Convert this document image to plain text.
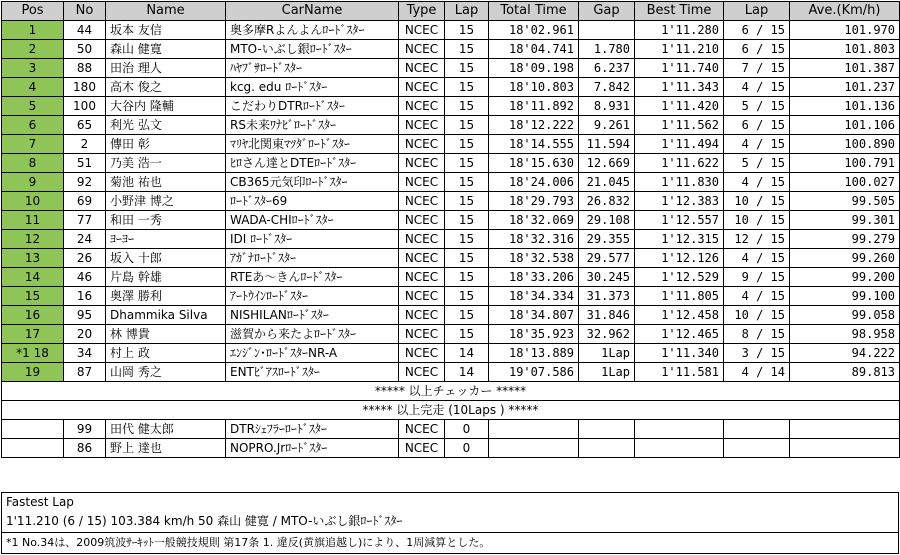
Pos	No	Name	CarName	Type	Lap	Total Time	Gap	Best Time	Lap	Ave.(Km/h)
1	44	坂本 友信	奥多摩Rよんよんﾛｰﾄﾞｽﾀｰ	NCEC	15	18'02.961		1'11.280	6 / 15	101.970
2	50	森山 健寛	MTO-いぶし銀ﾛｰﾄﾞｽﾀｰ	NCEC	15	18'04.741	1.780	1'11.210	6 / 15	101.803
3	88	田治 理人	ﾊﾔﾌﾞｻﾛｰﾄﾞｽﾀｰ	NCEC	15	18'09.198	6.237	1'11.740	7 / 15	101.387
4	180	高木 俊之	kcg. edu ﾛｰﾄﾞｽﾀｰ	NCEC	15	18'10.803	7.842	1'11.343	4 / 15	101.237
5	100	大谷内 隆輔	こだわりDTRﾛｰﾄﾞｽﾀｰ	NCEC	15	18'11.892	8.931	1'11.420	5 / 15	101.136
6	65	利光 弘文	RS未来ﾜﾅﾋﾞﾛｰﾄﾞｽﾀｰ	NCEC	15	18'12.222	9.261	1'11.562	6 / 15	101.106
7	2	傳田 彰	ﾏﾘﾔ北関東ﾏﾂﾀﾞﾛｰﾄﾞｽﾀｰ	NCEC	15	18'14.555	11.594	1'11.494	4 / 15	100.890
8	51	乃美 浩一	ﾋﾛさん達とDTEﾛｰﾄﾞｽﾀｰ	NCEC	15	18'15.630	12.669	1'11.622	5 / 15	100.791
9	92	菊池 祐也	CB365元気印ﾛｰﾄﾞｽﾀｰ	NCEC	15	18'24.006	21.045	1'11.830	4 / 15	100.027
10	69	小野津 博之	ﾛｰﾄﾞｽﾀｰ69	NCEC	15	18'29.793	26.832	1'12.383	10 / 15	99.505
11	77	和田 一秀	WADA-CHIﾛｰﾄﾞｽﾀｰ	NCEC	15	18'32.069	29.108	1'12.557	10 / 15	99.301
12	24	ﾖｰﾖｰ	IDI ﾛｰﾄﾞｽﾀｰ	NCEC	15	18'32.316	29.355	1'12.315	12 / 15	99.279
13	26	坂入 十郎	ｱｶﾞﾅﾛｰﾄﾞｽﾀｰ	NCEC	15	18'32.538	29.577	1'12.126	4 / 15	99.260
14	46	片島 幹雄	RTEあ～きんﾛｰﾄﾞｽﾀｰ	NCEC	15	18'33.206	30.245	1'12.529	9 / 15	99.200
15	16	奥澤 勝利	ｱｰﾄｳｲﾝﾛｰﾄﾞｽﾀｰ	NCEC	15	18'34.334	31.373	1'11.805	4 / 15	99.100
16	95	Dhammika Silva	NISHILANﾛｰﾄﾞｽﾀｰ	NCEC	15	18'34.807	31.846	1'12.458	10 / 15	99.058
17	20	林 博貴	滋賀から来たよﾛｰﾄﾞｽﾀｰ	NCEC	15	18'35.923	32.962	1'12.465	8 / 15	98.958
*1 18	34	村上 政	ｴﾝｼﾞﾝ･ﾛｰﾄﾞｽﾀｰNR-A	NCEC	14	18'13.889	1Lap	1'11.340	3 / 15	94.222
19	87	山岡 秀之	ENTﾋﾞｱｽﾛｰﾄﾞｽﾀｰ	NCEC	14	19'07.586	1Lap	1'11.581	4 / 14	89.813
***** 以上チェッカー *****										
***** 以上完走 (10Laps ) *****										
	99	田代 健太郎	DTRｼｪﾌﾗｰﾛｰﾄﾞｽﾀｰ	NCEC	0					
	86	野上 達也	NOPRO.Jrﾛｰﾄﾞｽﾀｰ	NCEC	0					
Fastest Lap
1'11.210 (6 / 15) 103.384 km/h 50 森山 健寛 / MTO-いぶし銀ﾛｰﾄﾞｽﾀｰ
*1 No.34は、2009筑波ｻｰｷｯﾄ一般競技規則 第17条 1. 違反(黄旗追越し)により、1周減算とした。
